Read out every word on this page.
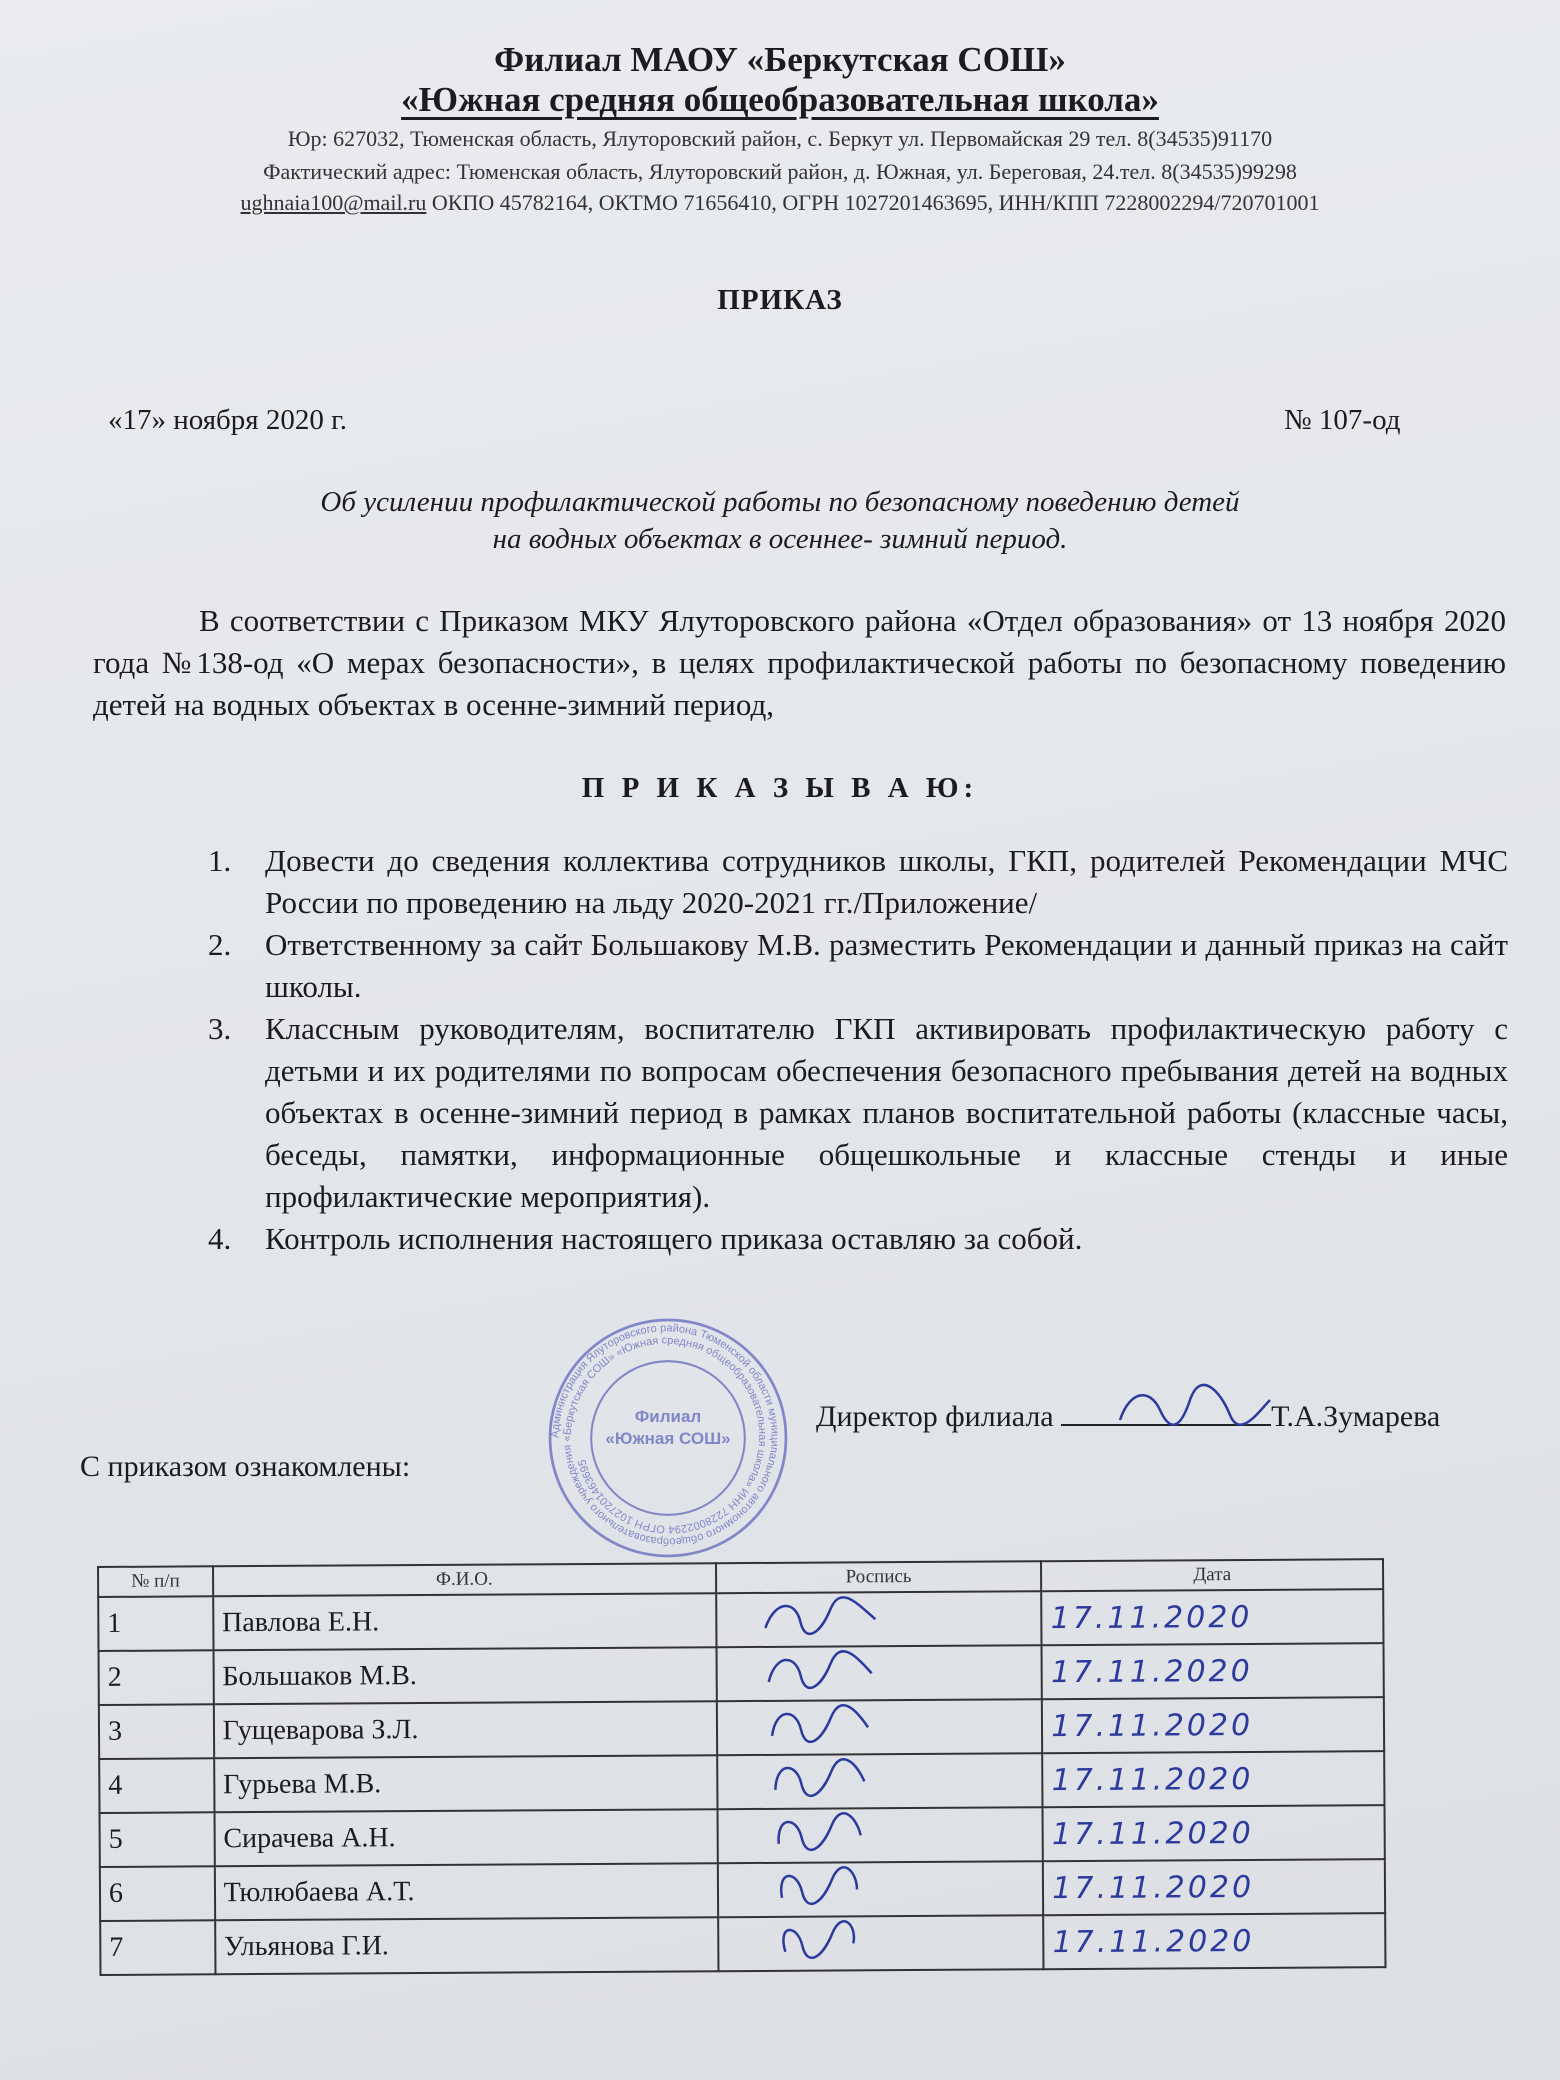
Филиал МАОУ «Беркутская СОШ»
«Южная средняя общеобразовательная школа»
Юр: 627032, Тюменская область, Ялуторовский район, с. Беркут ул. Первомайская 29 тел. 8(34535)91170
Фактический адрес: Тюменская область, Ялуторовский район, д. Южная, ул. Береговая, 24.тел. 8(34535)99298
ughnaia100@mail.ru ОКПО 45782164, ОКТМО 71656410, ОГРН 1027201463695, ИНН/КПП 7228002294/720701001
ПРИКАЗ
«17» ноября 2020 г.	№ 107-од
Об усилении профилактической работы по безопасному поведению детей
на водных объектах в осеннее- зимний период.
В соответствии с Приказом МКУ Ялуторовского района «Отдел образования» от 13 ноября 2020 года №138-од «О мерах безопасности», в целях профилактической работы по безопасному поведению детей на водных объектах в осенне-зимний период,
П Р И К А З Ы В А Ю:
1. Довести до сведения коллектива сотрудников школы, ГКП, родителей Рекомендации МЧС России по проведению на льду 2020-2021 гг./Приложение/
2. Ответственному за сайт Большакову М.В. разместить Рекомендации и данный приказ на сайт школы.
3. Классным руководителям, воспитателю ГКП активировать профилактическую работу с детьми и их родителями по вопросам обеспечения безопасного пребывания детей на водных объектах в осенне-зимний период в рамках планов воспитательной работы (классные часы, беседы, памятки, информационные общешкольные и классные стенды и иные профилактические мероприятия).
4. Контроль исполнения настоящего приказа оставляю за собой.
Директор филиала	Т.А.Зумарева
Администрация Ялуторовского района Тюменской области муниципального автономного общеобразовательного учреждения «Беркутская СОШ» «Южная средняя общеобразовательная школа» ИНН 7228002294 ОГРН 1027201463695
Филиал «Южная СОШ»
С приказом ознакомлены:
№ п/п	Ф.И.О.	Роспись	Дата
1	Павлова Е.Н.		17.11.2020
2	Большаков М.В.		17.11.2020
3	Гущеварова З.Л.		17.11.2020
4	Гурьева М.В.		17.11.2020
5	Сирачева А.Н.		17.11.2020
6	Тюлюбаева А.Т.		17.11.2020
7	Ульянова Г.И.		17.11.2020
